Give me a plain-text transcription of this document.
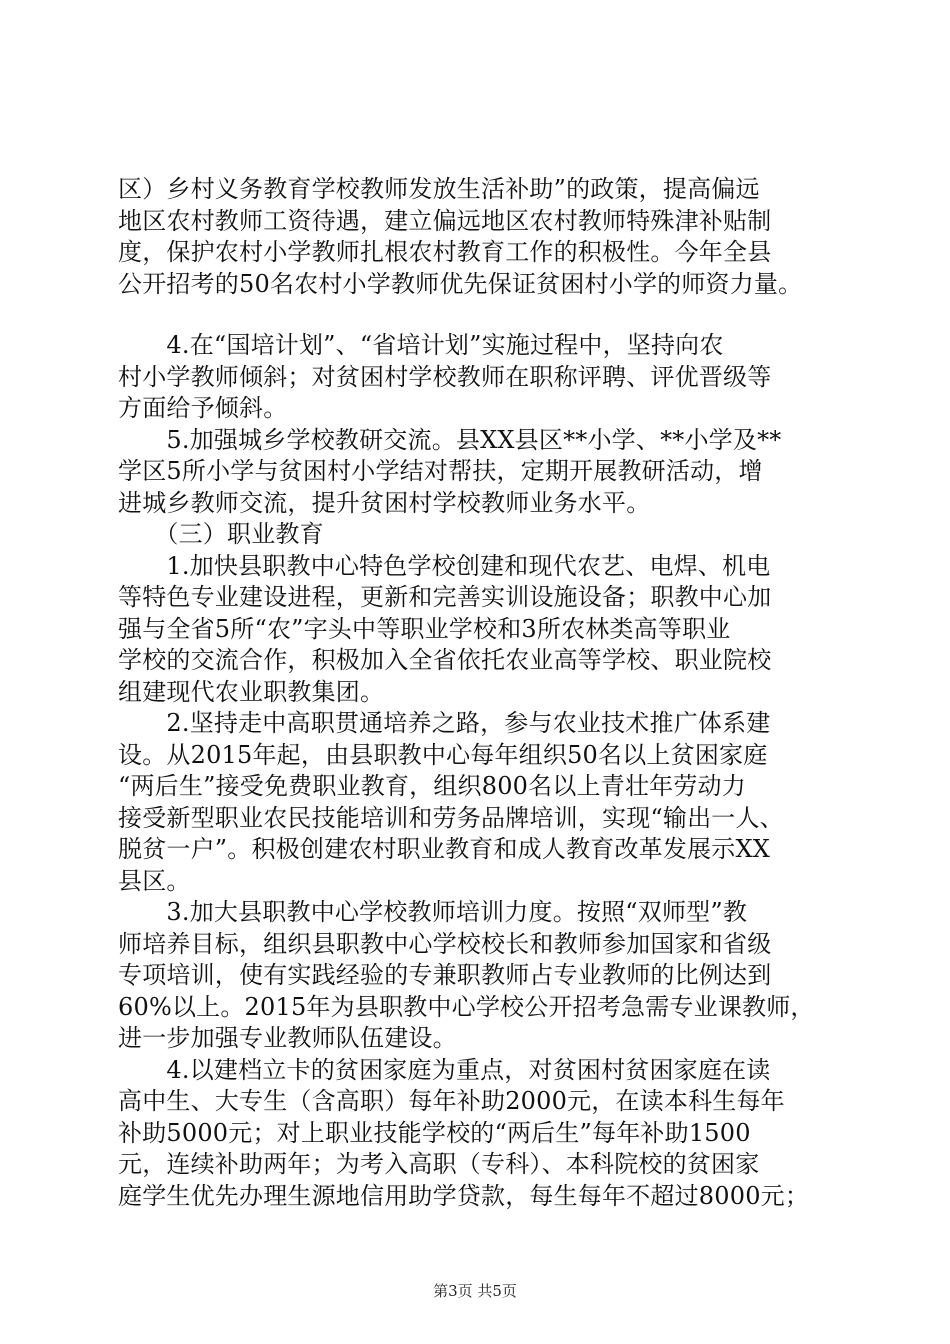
区）乡村义务教育学校教师发放生活补助”的政策，提高偏远
地区农村教师工资待遇，建立偏远地区农村教师特殊津补贴制
度，保护农村小学教师扎根农村教育工作的积极性。今年全县
公开招考的50名农村小学教师优先保证贫困村小学的师资力量。
　　4.在“国培计划”、“省培计划”实施过程中，坚持向农
村小学教师倾斜；对贫困村学校教师在职称评聘、评优晋级等
方面给予倾斜。
　　5.加强城乡学校教研交流。县XX县区**小学、**小学及**
学区5所小学与贫困村小学结对帮扶，定期开展教研活动，增
进城乡教师交流，提升贫困村学校教师业务水平。
　　（三）职业教育
　　1.加快县职教中心特色学校创建和现代农艺、电焊、机电
等特色专业建设进程，更新和完善实训设施设备；职教中心加
强与全省5所“农”字头中等职业学校和3所农林类高等职业
学校的交流合作，积极加入全省依托农业高等学校、职业院校
组建现代农业职教集团。
　　2.坚持走中高职贯通培养之路，参与农业技术推广体系建
设。从2015年起，由县职教中心每年组织50名以上贫困家庭
“两后生”接受免费职业教育，组织800名以上青壮年劳动力
接受新型职业农民技能培训和劳务品牌培训，实现“输出一人、
脱贫一户”。积极创建农村职业教育和成人教育改革发展示XX
县区。
　　3.加大县职教中心学校教师培训力度。按照“双师型”教
师培养目标，组织县职教中心学校校长和教师参加国家和省级
专项培训，使有实践经验的专兼职教师占专业教师的比例达到
60%以上。2015年为县职教中心学校公开招考急需专业课教师，
进一步加强专业教师队伍建设。
　　4.以建档立卡的贫困家庭为重点，对贫困村贫困家庭在读
高中生、大专生（含高职）每年补助2000元，在读本科生每年
补助5000元；对上职业技能学校的“两后生”每年补助1500
元，连续补助两年；为考入高职（专科）、本科院校的贫困家
庭学生优先办理生源地信用助学贷款，每生每年不超过8000元；
第3页 共5页
